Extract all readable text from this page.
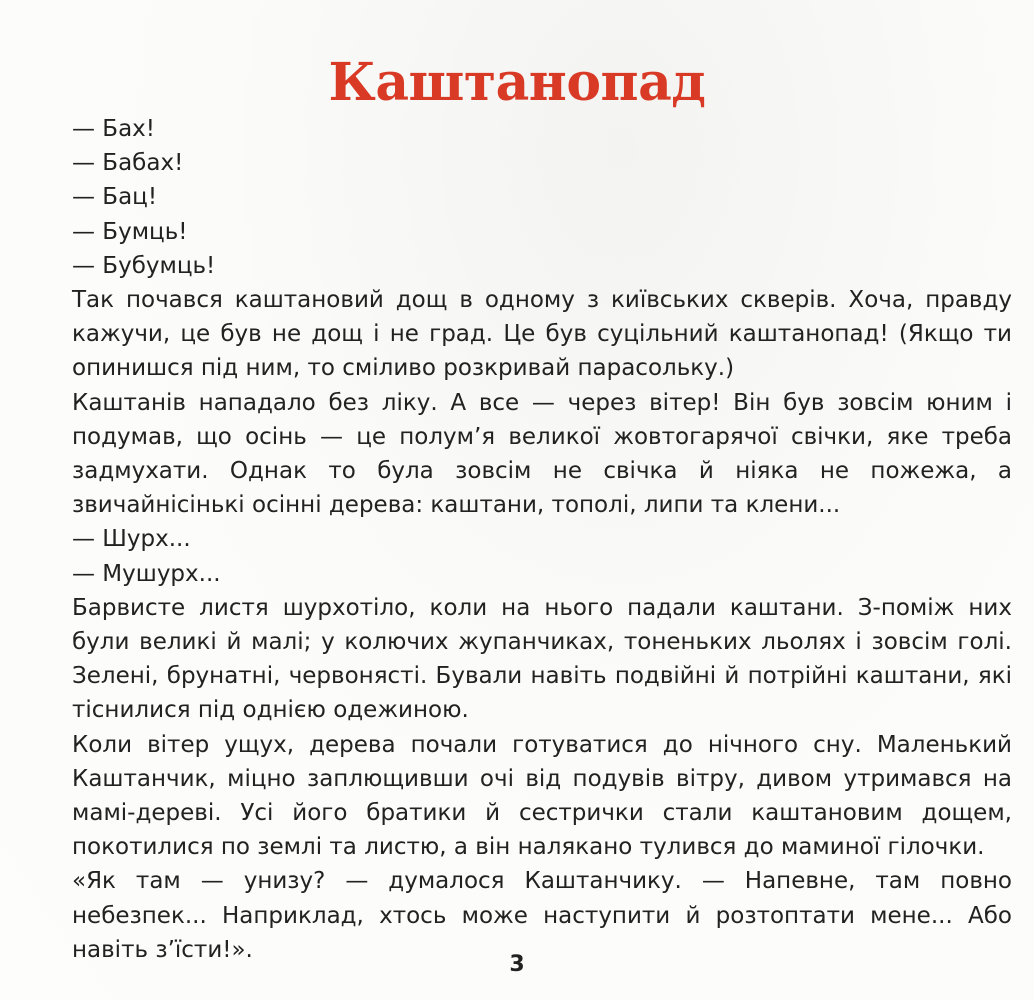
Каштанопад

— Бах!

— Бабах!

— Бац!

— Бумць!

— Бубумць!

Так почався каштановий дощ в одному з київських скверів. Хоча, правду кажучи, це був не дощ і не град. Це був суцільний каштанопад! (Якщо ти опинишся під ним, то сміливо розкривай парасольку.)

Каштанів нападало без ліку. А все — через вітер! Він був зовсім юним і подумав, що осінь — це полум’я великої жовтогарячої свічки, яке треба задмухати. Однак то була зовсім не свічка й ніяка не пожежа, а звичайнісінькі осінні дерева: каштани, тополі, липи та клени...

— Шурх...

— Мушурх...

Барвисте листя шурхотіло, коли на нього падали каштани. З-поміж них були великі й малі; у колючих жупанчиках, тоненьких льолях і зовсім голі. Зелені, брунатні, червонясті. Бували навіть подвійні й потрійні каштани, які тіснилися під однією одежиною.

Коли вітер ущух, дерева почали готуватися до нічного сну. Маленький Каштанчик, міцно заплющивши очі від подувів вітру, дивом утримався на мамі-дереві. Усі його братики й сестрички стали каштановим дощем, покотилися по землі та листю, а він налякано тулився до маминої гілочки.

«Як там — унизу? — думалося Каштанчику. — Напевне, там повно небезпек... Наприклад, хтось може наступити й розтоптати мене... Або навіть з’їсти!».

3
